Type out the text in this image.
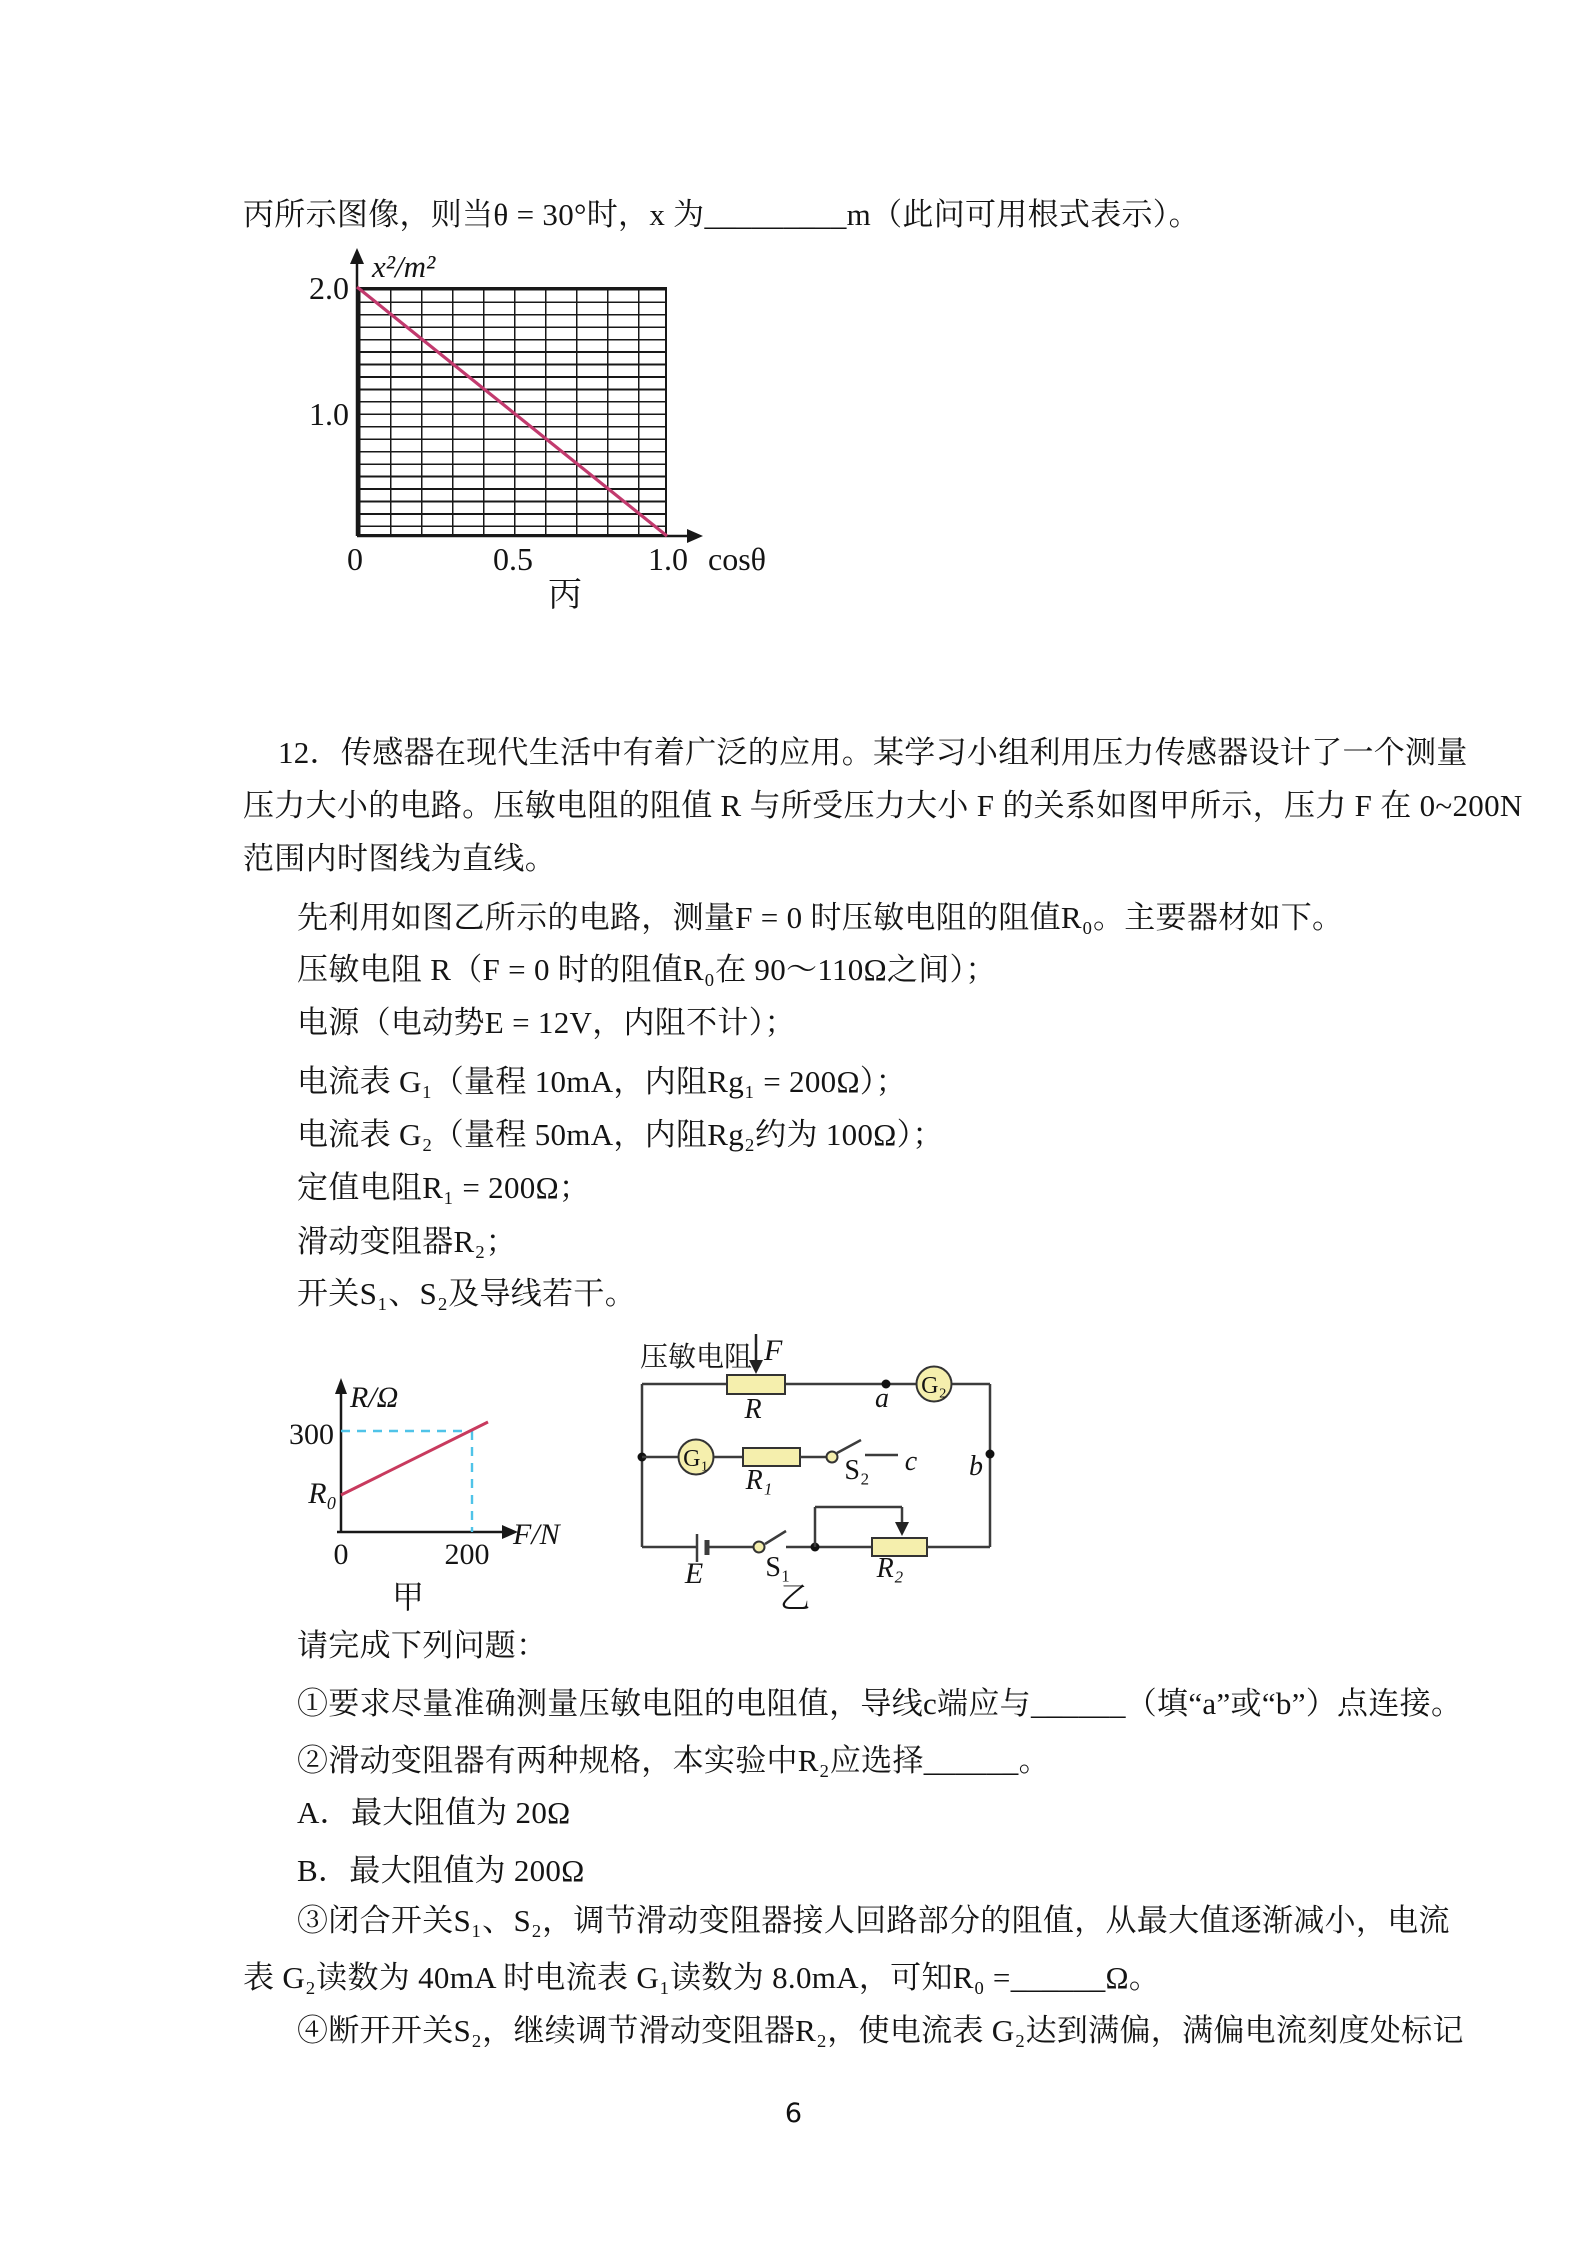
丙所示图像，则当θ = 30°时，x 为_________m（此问可用根式表示）。
x²/m²
2.0
1.0
0	0.5	1.0 cosθ
丙
12．传感器在现代生活中有着广泛的应用。某学习小组利用压力传感器设计了一个测量
压力大小的电路。压敏电阻的阻值 R 与所受压力大小 F 的关系如图甲所示，压力 F 在 0~200N
范围内时图线为直线。
先利用如图乙所示的电路，测量F = 0 时压敏电阻的阻值R₀。主要器材如下。
压敏电阻 R（F = 0 时的阻值R₀在 90～110Ω之间）；
电源（电动势E = 12V，内阻不计）；
电流表 G₁（量程 10mA，内阻Rg₁ = 200Ω）；
电流表 G₂（量程 50mA，内阻Rg₂约为 100Ω）；
定值电阻R₁ = 200Ω；
滑动变阻器R₂；
开关S₁、S₂及导线若干。
R/Ω
300
R₀
0	200
F/N
甲
G₁
G₂
压敏电阻 F
R	a
b
R₁	S₂ c
E S₁	R₂
乙
请完成下列问题：
①要求尽量准确测量压敏电阻的电阻值，导线c端应与______（填“a”或“b”）点连接。
②滑动变阻器有两种规格，本实验中R₂应选择______。
A．最大阻值为 20Ω
B．最大阻值为 200Ω
③闭合开关S₁、S₂，调节滑动变阻器接人回路部分的阻值，从最大值逐渐减小，电流
表 G₂读数为 40mA 时电流表 G₁读数为 8.0mA，可知R₀ =______Ω。
④断开开关S₂，继续调节滑动变阻器R₂，使电流表 G₂达到满偏，满偏电流刻度处标记
6
